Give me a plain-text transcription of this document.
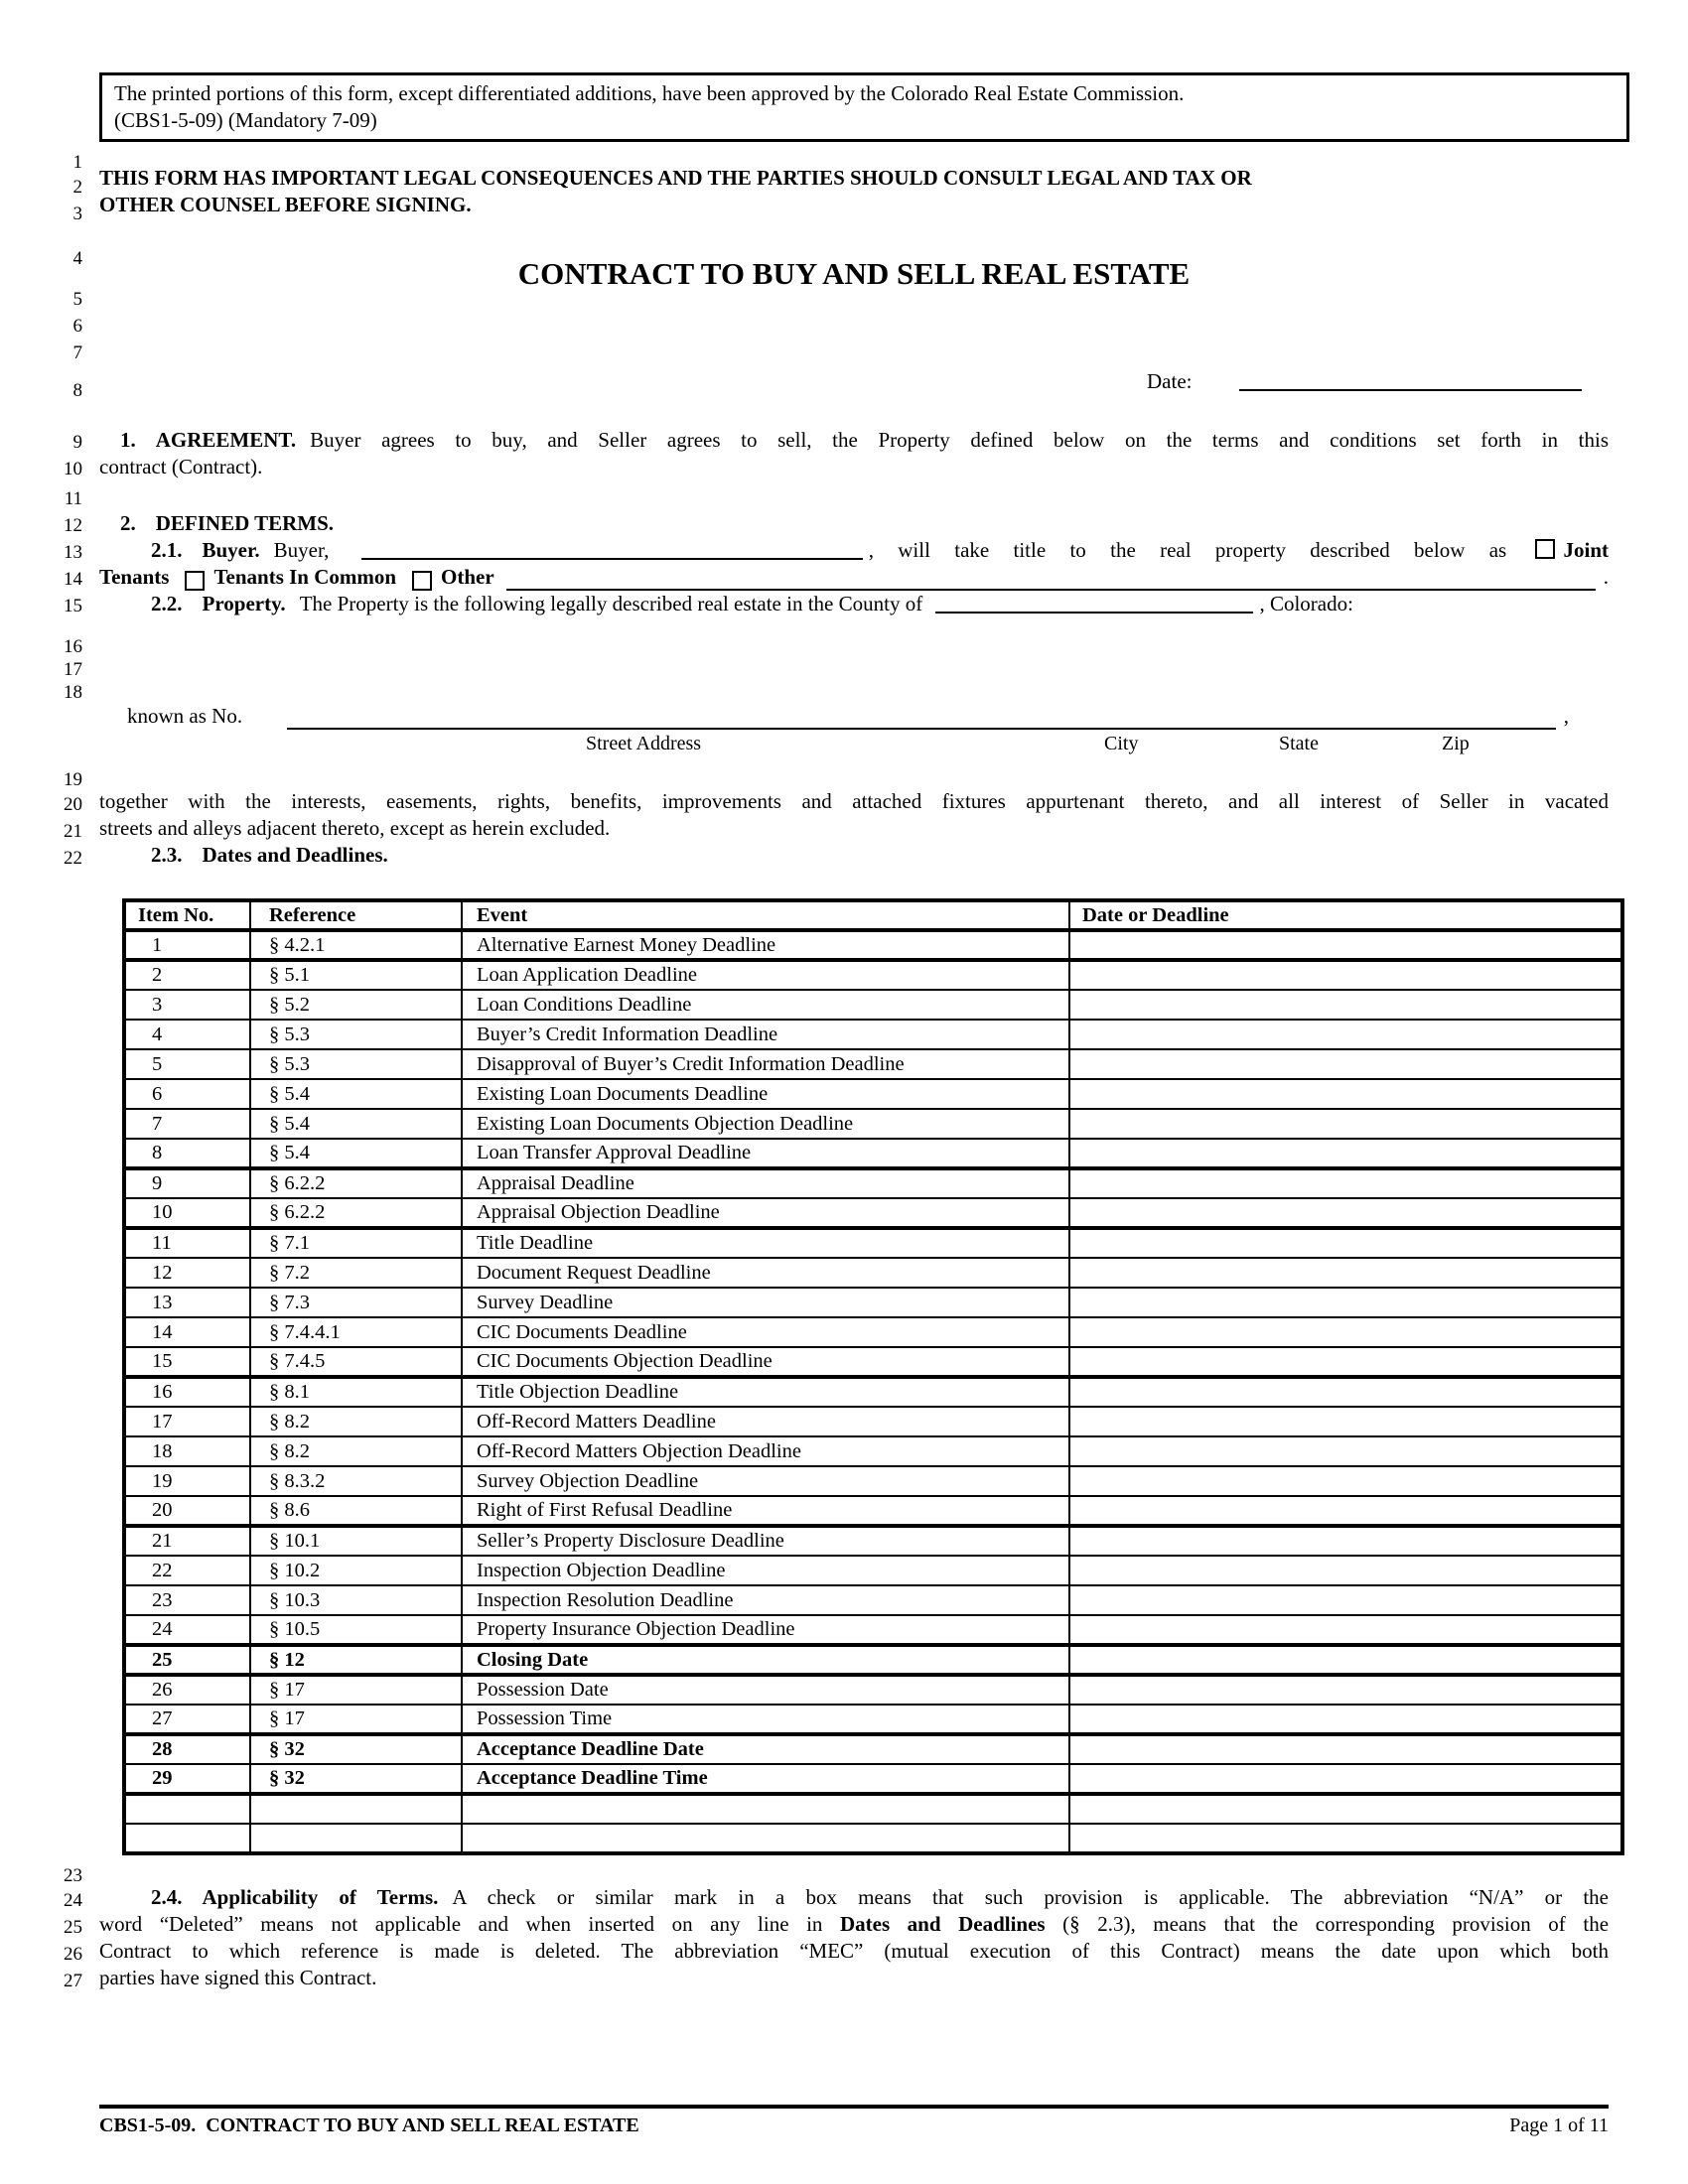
1
2
3
4
5
6
7
8
9
10
11
12
13
14
15
16
17
18
19
20
21
22
23
24
25
26
27
The printed portions of this form, except differentiated additions, have been approved by the Colorado Real Estate Commission.
(CBS1-5-09) (Mandatory 7-09)
THIS FORM HAS IMPORTANT LEGAL CONSEQUENCES AND THE PARTIES SHOULD CONSULT LEGAL AND TAX OR
OTHER COUNSEL BEFORE SIGNING.
CONTRACT TO BUY AND SELL REAL ESTATE
Date:
1. AGREEMENT. Buyer agrees to buy, and Seller agrees to sell, the Property defined below on the terms and conditions set forth in this
contract (Contract).
2. DEFINED TERMS.
2.1. Buyer. Buyer,	, will take title to the real property described below as	Joint
Tenants Tenants In Common Other	.
2.2. Property. The Property is the following legally described real estate in the County of	, Colorado:
known as No.	,
Street Address	City	State	Zip
together with the interests, easements, rights, benefits, improvements and attached fixtures appurtenant thereto, and all interest of Seller in vacated
streets and alleys adjacent thereto, except as herein excluded.
2.3. Dates and Deadlines.
Item No.	Reference	Event	Date or Deadline
1	§ 4.2.1	Alternative Earnest Money Deadline	
2	§ 5.1	Loan Application Deadline	
3	§ 5.2	Loan Conditions Deadline	
4	§ 5.3	Buyer’s Credit Information Deadline	
5	§ 5.3	Disapproval of Buyer’s Credit Information Deadline	
6	§ 5.4	Existing Loan Documents Deadline	
7	§ 5.4	Existing Loan Documents Objection Deadline	
8	§ 5.4	Loan Transfer Approval Deadline	
9	§ 6.2.2	Appraisal Deadline	
10	§ 6.2.2	Appraisal Objection Deadline	
11	§ 7.1	Title Deadline	
12	§ 7.2	Document Request Deadline	
13	§ 7.3	Survey Deadline	
14	§ 7.4.4.1	CIC Documents Deadline	
15	§ 7.4.5	CIC Documents Objection Deadline	
16	§ 8.1	Title Objection Deadline	
17	§ 8.2	Off-Record Matters Deadline	
18	§ 8.2	Off-Record Matters Objection Deadline	
19	§ 8.3.2	Survey Objection Deadline	
20	§ 8.6	Right of First Refusal Deadline	
21	§ 10.1	Seller’s Property Disclosure Deadline	
22	§ 10.2	Inspection Objection Deadline	
23	§ 10.3	Inspection Resolution Deadline	
24	§ 10.5	Property Insurance Objection Deadline	
25	§ 12	Closing Date	
26	§ 17	Possession Date	
27	§ 17	Possession Time	
28	§ 32	Acceptance Deadline Date	
29	§ 32	Acceptance Deadline Time	

2.4. Applicability of Terms. A check or similar mark in a box means that such provision is applicable. The abbreviation “N/A” or the
word “Deleted” means not applicable and when inserted on any line in Dates and Deadlines (§ 2.3), means that the corresponding provision of the
Contract to which reference is made is deleted. The abbreviation “MEC” (mutual execution of this Contract) means the date upon which both
parties have signed this Contract.
CBS1-5-09.  CONTRACT TO BUY AND SELL REAL ESTATE	Page 1 of 11
